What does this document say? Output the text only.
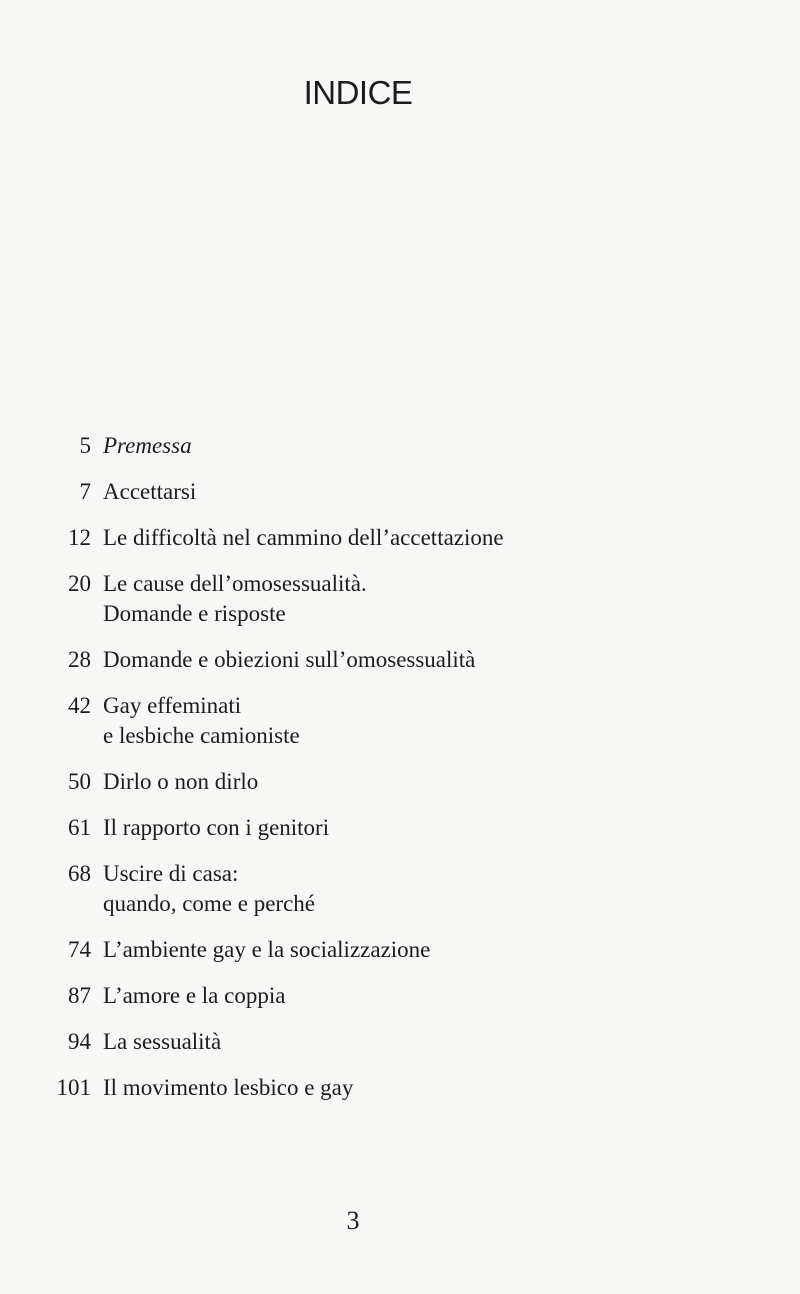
INDICE
5 Premessa
7 Accettarsi
12 Le difficoltà nel cammino dell’accettazione
20 Le cause dell’omosessualità.
Domande e risposte
28 Domande e obiezioni sull’omosessualità
42 Gay effeminati
e lesbiche camioniste
50 Dirlo o non dirlo
61 Il rapporto con i genitori
68 Uscire di casa:
quando, come e perché
74 L’ambiente gay e la socializzazione
87 L’amore e la coppia
94 La sessualità
101 Il movimento lesbico e gay
3
